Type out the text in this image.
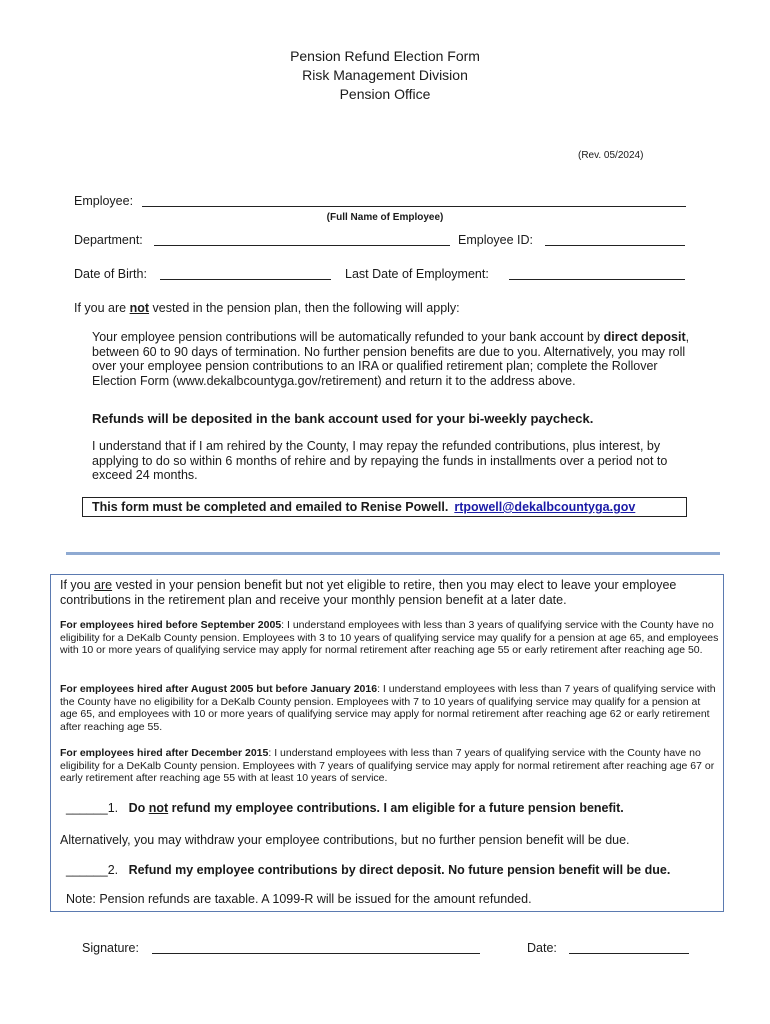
Pension Refund Election Form
Risk Management Division
Pension Office
(Rev. 05/2024)
Employee:
(Full Name of Employee)
Department:	Employee ID:
Date of Birth:	Last Date of Employment:
If you are not vested in the pension plan, then the following will apply:
Your employee pension contributions will be automatically refunded to your bank account by direct deposit, between 60 to 90 days of termination. No further pension benefits are due to you. Alternatively, you may roll over your employee pension contributions to an IRA or qualified retirement plan; complete the Rollover Election Form (www.dekalbcountyga.gov/retirement) and return it to the address above.
Refunds will be deposited in the bank account used for your bi-weekly paycheck.
I understand that if I am rehired by the County, I may repay the refunded contributions, plus interest, by applying to do so within 6 months of rehire and by repaying the funds in installments over a period not to exceed 24 months.
This form must be completed and emailed to Renise Powell. rtpowell@dekalbcountyga.gov
If you are vested in your pension benefit but not yet eligible to retire, then you may elect to leave your employee contributions in the retirement plan and receive your monthly pension benefit at a later date.
For employees hired before September 2005: I understand employees with less than 3 years of qualifying service with the County have no eligibility for a DeKalb County pension. Employees with 3 to 10 years of qualifying service may qualify for a pension at age 65, and employees with 10 or more years of qualifying service may apply for normal retirement after reaching age 55 or early retirement after reaching age 50.
For employees hired after August 2005 but before January 2016: I understand employees with less than 7 years of qualifying service with the County have no eligibility for a DeKalb County pension. Employees with 7 to 10 years of qualifying service may qualify for a pension at age 65, and employees with 10 or more years of qualifying service may apply for normal retirement after reaching age 62 or early retirement after reaching age 55.
For employees hired after December 2015: I understand employees with less than 7 years of qualifying service with the County have no eligibility for a DeKalb County pension. Employees with 7 years of qualifying service may apply for normal retirement after reaching age 67 or early retirement after reaching age 55 with at least 10 years of service.
______1. Do not refund my employee contributions. I am eligible for a future pension benefit.
Alternatively, you may withdraw your employee contributions, but no further pension benefit will be due.
______2. Refund my employee contributions by direct deposit. No future pension benefit will be due.
Note: Pension refunds are taxable. A 1099-R will be issued for the amount refunded.
Signature:	Date:
